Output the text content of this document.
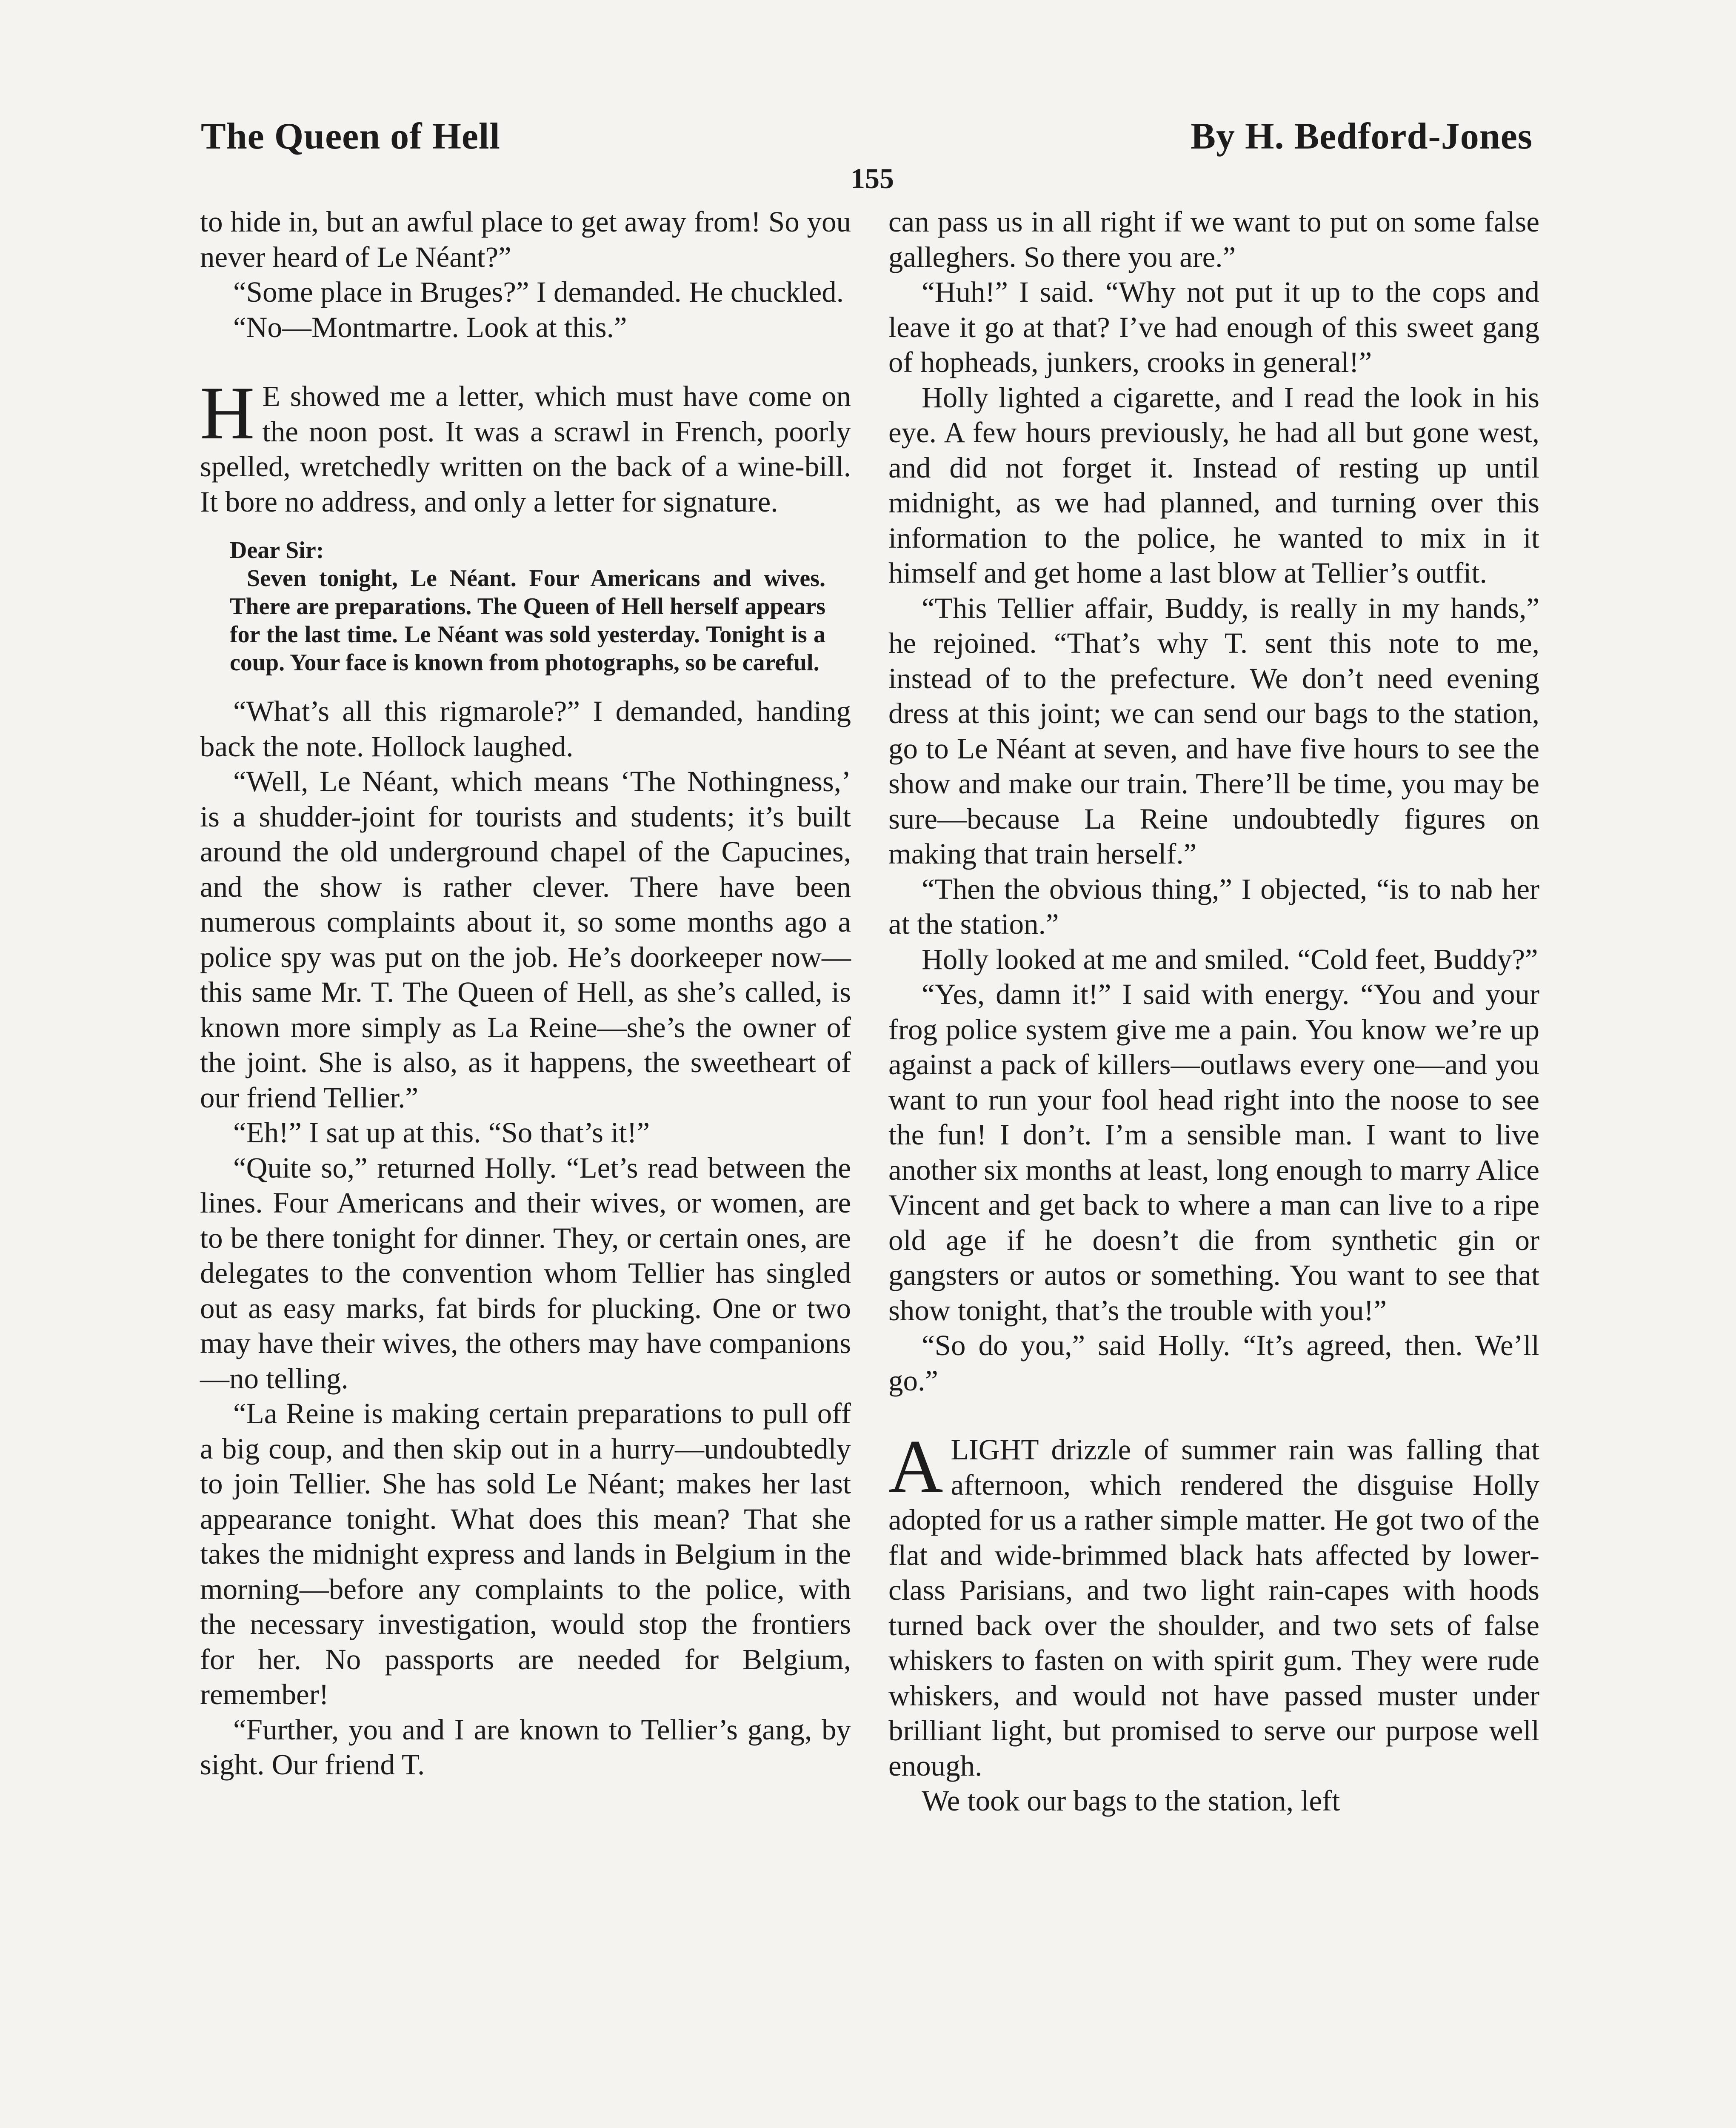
The Queen of Hell	By H. Bedford-Jones
155

to hide in, but an awful place to get away from! So you never heard of Le Néant?”

“Some place in Bruges?” I demanded. He chuckled.

“No—Montmartre. Look at this.”

H E showed me a letter, which must have come on the noon post. It was a scrawl in French, poorly spelled, wretchedly written on the back of a wine-bill. It bore no address, and only a letter for signature.

Dear Sir:

Seven tonight, Le Néant. Four Americans and wives. There are preparations. The Queen of Hell herself appears for the last time. Le Néant was sold yesterday. Tonight is a coup. Your face is known from photographs, so be careful.

“What’s all this rigmarole?” I demanded, handing back the note. Hollock laughed.

“Well, Le Néant, which means ‘The Nothingness,’ is a shudder-joint for tourists and students; it’s built around the old underground chapel of the Capucines, and the show is rather clever. There have been numerous complaints about it, so some months ago a police spy was put on the job. He’s doorkeeper now—this same Mr. T. The Queen of Hell, as she’s called, is known more simply as La Reine—she’s the owner of the joint. She is also, as it happens, the sweetheart of our friend Tellier.”

“Eh!” I sat up at this. “So that’s it!”

“Quite so,” returned Holly. “Let’s read between the lines. Four Americans and their wives, or women, are to be there tonight for dinner. They, or certain ones, are delegates to the convention whom Tellier has singled out as easy marks, fat birds for plucking. One or two may have their wives, the others may have companions—no telling.

“La Reine is making certain preparations to pull off a big coup, and then skip out in a hurry—undoubtedly to join Tellier. She has sold Le Néant; makes her last appearance tonight. What does this mean? That she takes the midnight express and lands in Belgium in the morning—before any complaints to the police, with the necessary investigation, would stop the frontiers for her. No passports are needed for Belgium, remember!

“Further, you and I are known to Tellier’s gang, by sight. Our friend T.

can pass us in all right if we want to put on some false galleghers. So there you are.”

“Huh!” I said. “Why not put it up to the cops and leave it go at that? I’ve had enough of this sweet gang of hopheads, junkers, crooks in general!”

Holly lighted a cigarette, and I read the look in his eye. A few hours previously, he had all but gone west, and did not forget it. Instead of resting up until midnight, as we had planned, and turning over this information to the police, he wanted to mix in it himself and get home a last blow at Tellier’s outfit.

“This Tellier affair, Buddy, is really in my hands,” he rejoined. “That’s why T. sent this note to me, instead of to the prefecture. We don’t need evening dress at this joint; we can send our bags to the station, go to Le Néant at seven, and have five hours to see the show and make our train. There’ll be time, you may be sure—because La Reine undoubtedly figures on making that train herself.”

“Then the obvious thing,” I objected, “is to nab her at the station.”

Holly looked at me and smiled. “Cold feet, Buddy?”

“Yes, damn it!” I said with energy. “You and your frog police system give me a pain. You know we’re up against a pack of killers—outlaws every one—and you want to run your fool head right into the noose to see the fun! I don’t. I’m a sensible man. I want to live another six months at least, long enough to marry Alice Vincent and get back to where a man can live to a ripe old age if he doesn’t die from synthetic gin or gangsters or autos or something. You want to see that show tonight, that’s the trouble with you!”

“So do you,” said Holly. “It’s agreed, then. We’ll go.”

ALIGHT drizzle of summer rain was falling that afternoon, which rendered the disguise Holly adopted for us a rather simple matter. He got two of the flat and wide-brimmed black hats affected by lower-class Parisians, and two light rain-capes with hoods turned back over the shoulder, and two sets of false whiskers to fasten on with spirit gum. They were rude whiskers, and would not have passed muster under brilliant light, but promised to serve our purpose well enough.

We took our bags to the station, left
